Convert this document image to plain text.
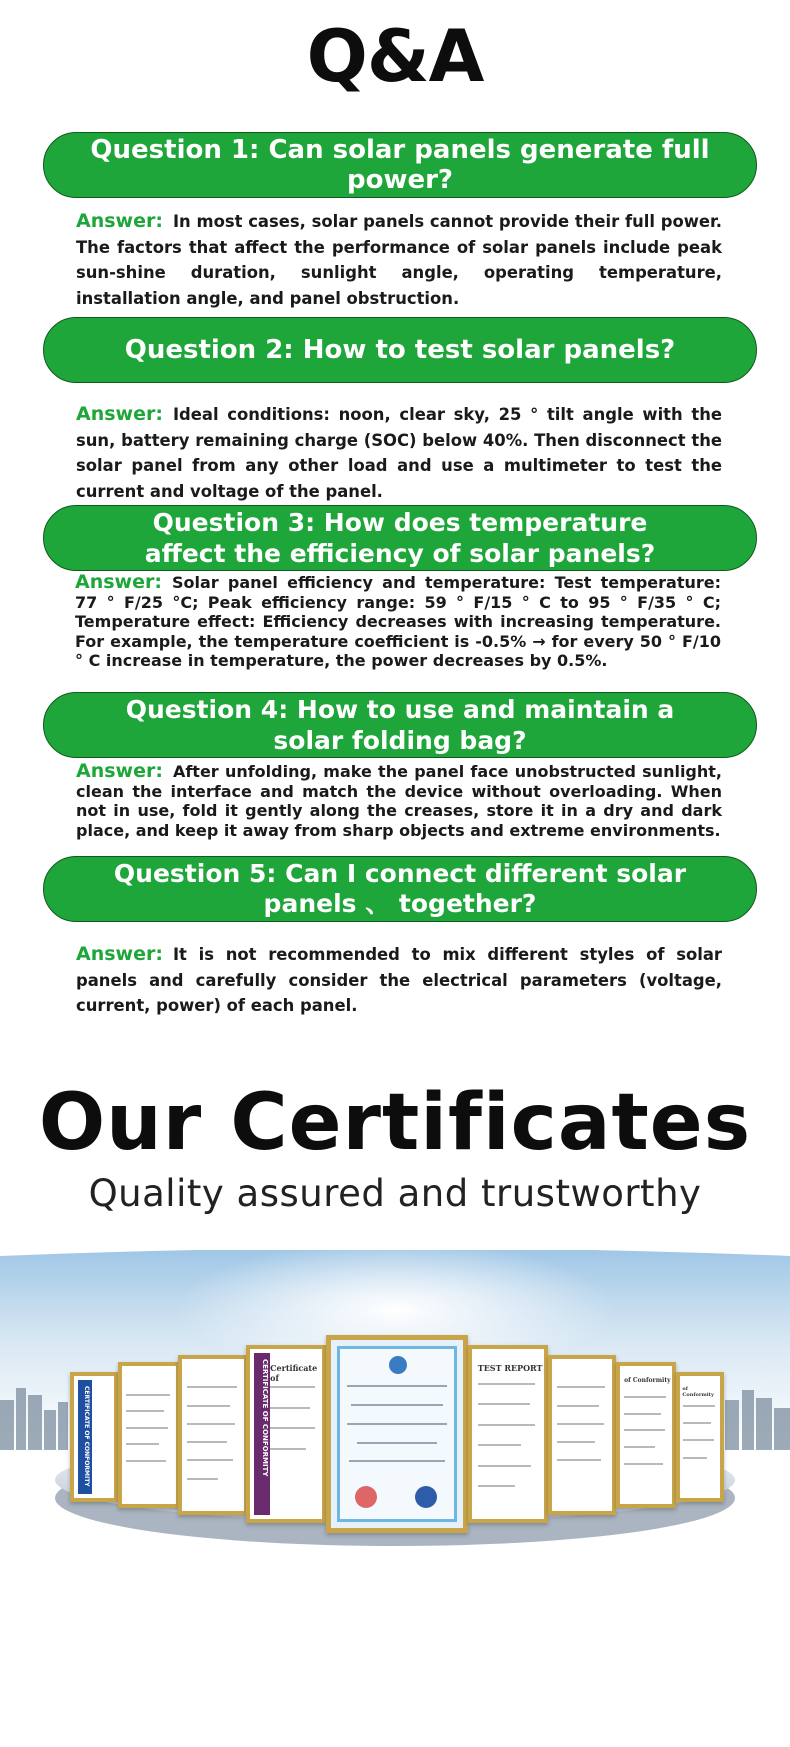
Q&A
Question 1: Can solar panels generate full power?
Answer: In most cases, solar panels cannot provide their full power. The factors that affect the performance of solar panels include peak sun-shine duration, sunlight angle, operating temperature, installation angle, and panel obstruction.
Question 2: How to test solar panels?
Answer: Ideal conditions: noon, clear sky, 25 ° tilt angle with the sun, battery remaining charge (SOC) below 40%. Then disconnect the solar panel from any other load and use a multimeter to test the current and voltage of the panel.
Question 3: How does temperature affect the efficiency of solar panels?
Answer: Solar panel efficiency and temperature: Test temperature: 77 ° F/25 °C; Peak efficiency range: 59 ° F/15 ° C to 95 ° F/35 ° C; Temperature effect: Efficiency decreases with increasing temperature. For example, the temperature coefficient is -0.5% → for every 50 ° F/10 ° C increase in temperature, the power decreases by 0.5%.
Question 4: How to use and maintain a solar folding bag?
Answer: After unfolding, make the panel face unobstructed sunlight, clean the interface and match the device without overloading. When not in use, fold it gently along the creases, store it in a dry and dark place, and keep it away from sharp objects and extreme environments.
Question 5: Can I connect different solar panels 、 together?
Answer: It is not recommended to mix different styles of solar panels and carefully consider the electrical parameters (voltage, current, power) of each panel.
Our Certificates
Quality assured and trustworthy
CERTIFICATE OF CONFORMITY	CERTIFICATE OF CONFORMITY Certificate of
TEST REPORT
of Conformity
of Conformity
